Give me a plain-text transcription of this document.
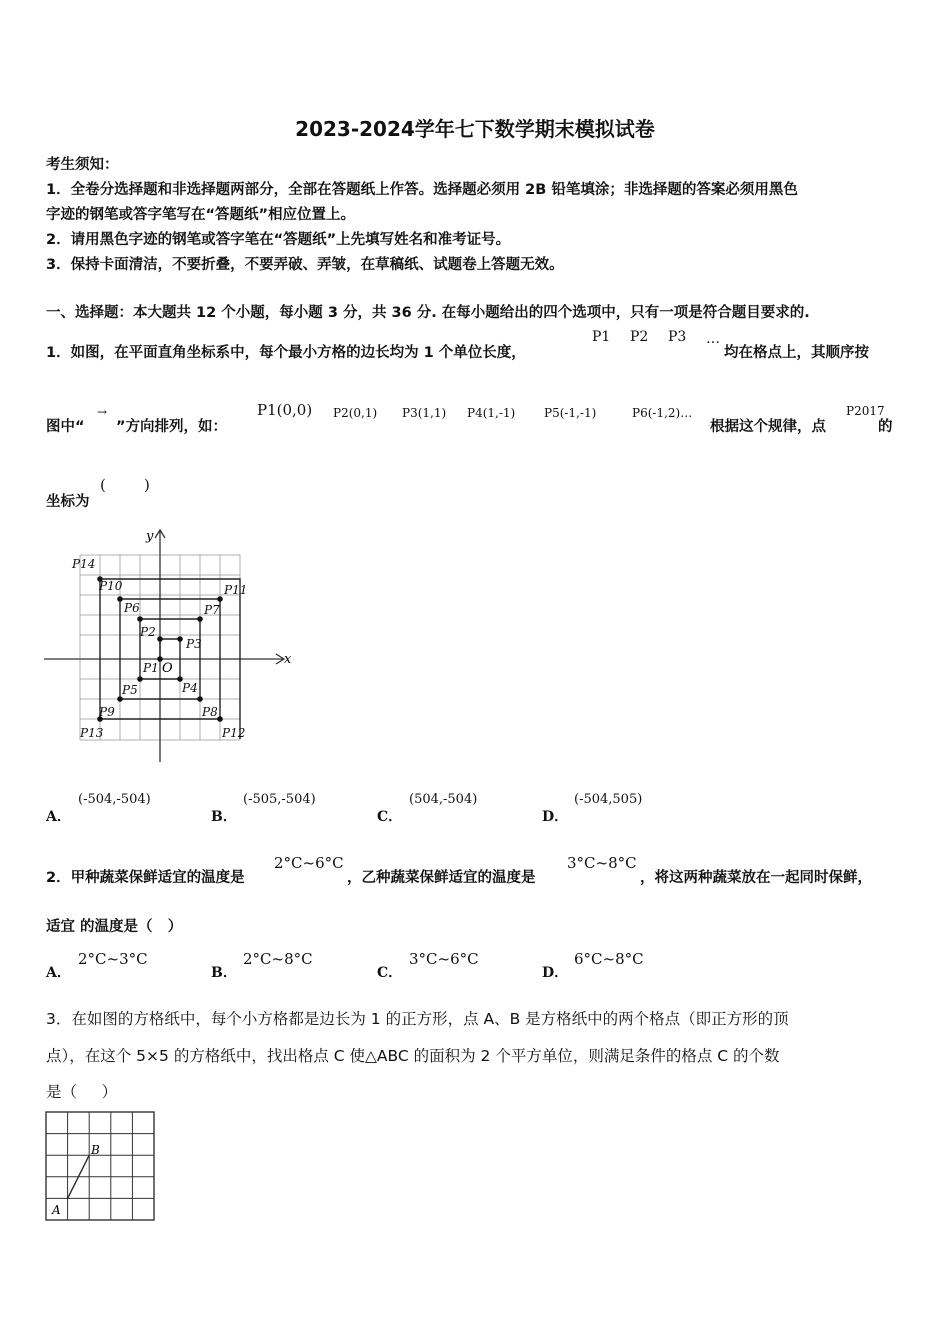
2023-2024学年七下数学期末模拟试卷
考生须知：
1．全卷分选择题和非选择题两部分，全部在答题纸上作答。选择题必须用 2B 铅笔填涂；非选择题的答案必须用黑色
字迹的钢笔或答字笔写在“答题纸”相应位置上。
2．请用黑色字迹的钢笔或答字笔在“答题纸”上先填写姓名和准考证号。
3．保持卡面清洁，不要折叠，不要弄破、弄皱，在草稿纸、试题卷上答题无效。
一、选择题：本大题共 12 个小题，每小题 3 分，共 36 分. 在每小题给出的四个选项中，只有一项是符合题目要求的.
1．如图，在平面直角坐标系中，每个最小方格的边长均为 1 个单位长度，
P1 P2 P3 …
均在格点上，其顺序按
图中“
→
”方向排列，如：
P1(0,0) P2(0,1) P3(1,1) P4(1,-1) P5(-1,-1)	P6(-1,2)…
根据这个规律，点
P2017
的
坐标为
(        )
x
y
P14
P10	P11
P6	P7
P2
P3
P1
P4
P5
P9	P8
P13	P12
O
A．
(-504,-504)
B．
(-505,-504)
C．
(504,-504)
D．
(-504,505)
2．甲种蔬菜保鲜适宜的温度是
2°C~6°C
，乙种蔬菜保鲜适宜的温度是
3°C~8°C
，将这两种蔬菜放在一起同时保鲜，
适宜 的温度是（   ）
A．
2°C~3°C
B．
2°C~8°C
C．
3°C~6°C
D．
6°C~8°C
3．在如图的方格纸中，每个小方格都是边长为 1 的正方形，点 A、B 是方格纸中的两个格点（即正方形的顶
点），在这个 5×5 的方格纸中，找出格点 C 使△ABC 的面积为 2 个平方单位，则满足条件的格点 C 的个数
是（     ）
A
B
